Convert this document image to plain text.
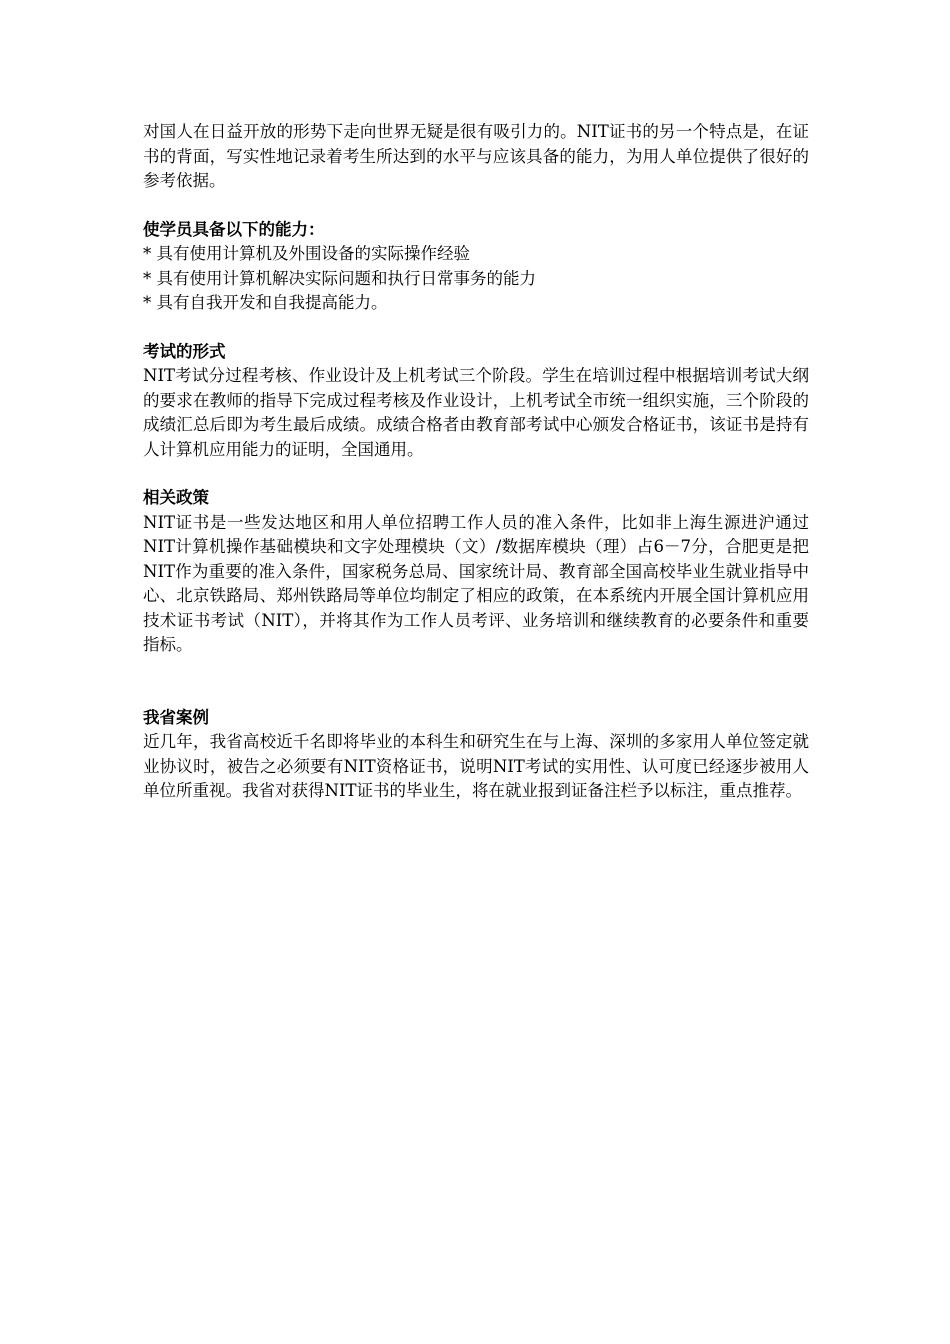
对国人在日益开放的形势下走向世界无疑是很有吸引力的。NIT证书的另一个特点是，在证书的背面，写实性地记录着考生所达到的水平与应该具备的能力，为用人单位提供了很好的参考依据。

使学员具备以下的能力：

* 具有使用计算机及外围设备的实际操作经验
* 具有使用计算机解决实际问题和执行日常事务的能力
* 具有自我开发和自我提高能力。

考试的形式

NIT考试分过程考核、作业设计及上机考试三个阶段。学生在培训过程中根据培训考试大纲的要求在教师的指导下完成过程考核及作业设计，上机考试全市统一组织实施，三个阶段的成绩汇总后即为考生最后成绩。成绩合格者由教育部考试中心颁发合格证书，该证书是持有人计算机应用能力的证明，全国通用。

相关政策

NIT证书是一些发达地区和用人单位招聘工作人员的准入条件，比如非上海生源进沪通过NIT计算机操作基础模块和文字处理模块（文）/数据库模块（理）占6－7分，合肥更是把NIT作为重要的准入条件，国家税务总局、国家统计局、教育部全国高校毕业生就业指导中心、北京铁路局、郑州铁路局等单位均制定了相应的政策，在本系统内开展全国计算机应用技术证书考试（NIT），并将其作为工作人员考评、业务培训和继续教育的必要条件和重要指标。

我省案例

近几年，我省高校近千名即将毕业的本科生和研究生在与上海、深圳的多家用人单位签定就业协议时，被告之必须要有NIT资格证书，说明NIT考试的实用性、认可度已经逐步被用人单位所重视。我省对获得NIT证书的毕业生，将在就业报到证备注栏予以标注，重点推荐。
